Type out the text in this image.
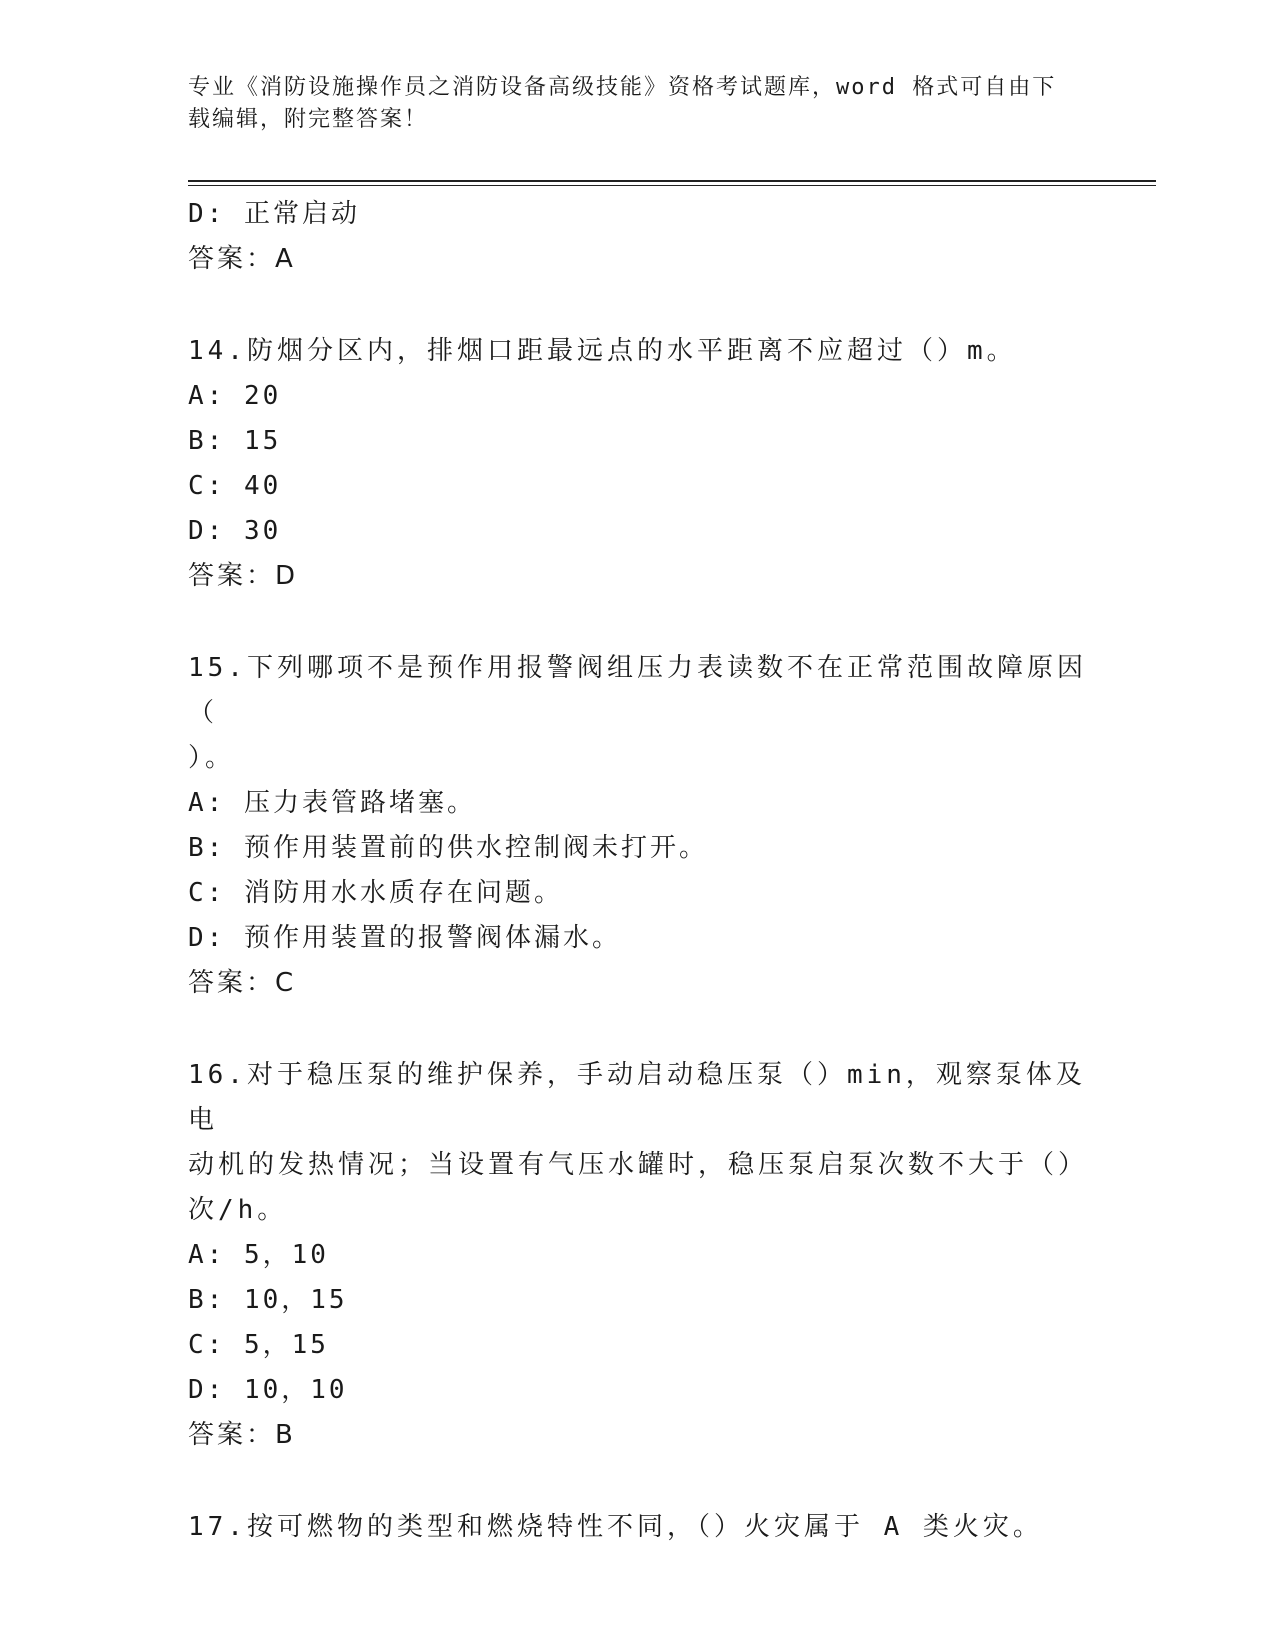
专业《消防设施操作员之消防设备高级技能》资格考试题库，word 格式可自由下
载编辑，附完整答案！
D: 正常启动
答案：A
14.防烟分区内，排烟口距最远点的水平距离不应超过（）m。
A: 20
B: 15
C: 40
D: 30
答案：D
15.下列哪项不是预作用报警阀组压力表读数不在正常范围故障原因（
）。
A: 压力表管路堵塞。
B: 预作用装置前的供水控制阀未打开。
C: 消防用水水质存在问题。
D: 预作用装置的报警阀体漏水。
答案：C
16.对于稳压泵的维护保养，手动启动稳压泵（）min，观察泵体及电
动机的发热情况；当设置有气压水罐时，稳压泵启泵次数不大于（）
次/h。
A: 5，10
B: 10，15
C: 5，15
D: 10，10
答案：B
17.按可燃物的类型和燃烧特性不同，（）火灾属于 A 类火灾。
